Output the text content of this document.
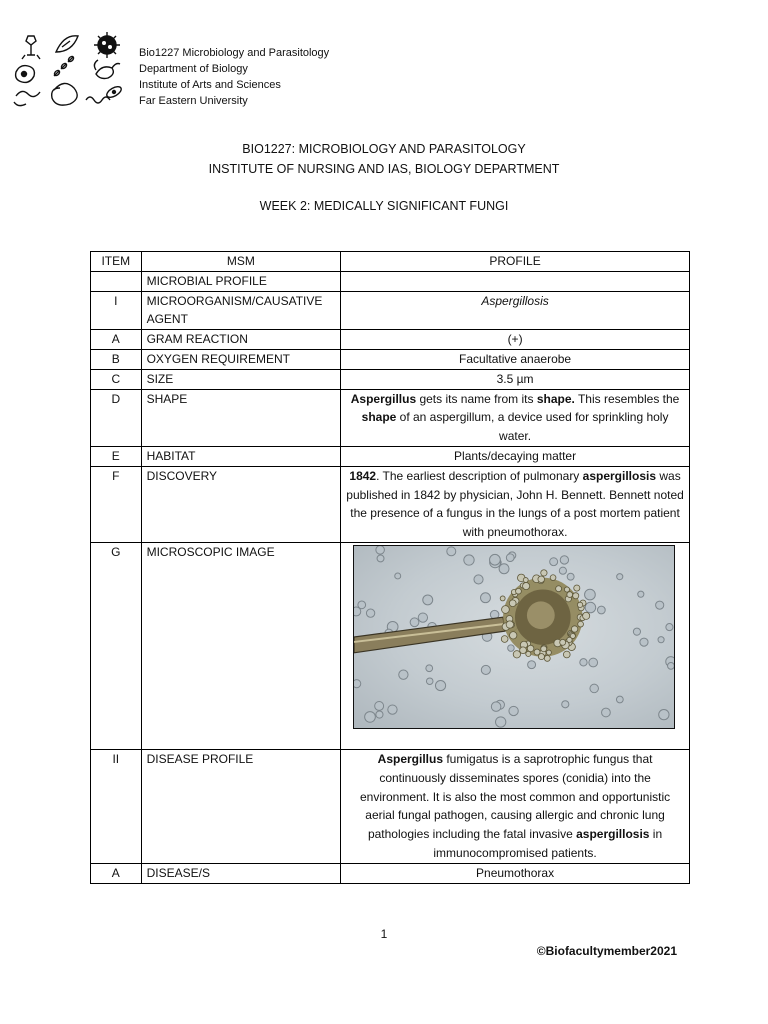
Bio1227 Microbiology and Parasitology
Department of Biology
Institute of Arts and Sciences
Far Eastern University
BIO1227: MICROBIOLOGY AND PARASITOLOGY
INSTITUTE OF NURSING AND IAS, BIOLOGY DEPARTMENT
WEEK 2: MEDICALLY SIGNIFICANT FUNGI
ITEM	MSM	PROFILE
	MICROBIAL PROFILE	
I	MICROORGANISM/CAUSATIVE AGENT	Aspergillosis
A	GRAM REACTION	(+)
B	OXYGEN REQUIREMENT	Facultative anaerobe
C	SIZE	3.5 µm
D	SHAPE	Aspergillus gets its name from its shape. This resembles the shape of an aspergillum, a device used for sprinkling holy water.
E	HABITAT	Plants/decaying matter
F	DISCOVERY	1842. The earliest description of pulmonary aspergillosis was published in 1842 by physician, John H. Bennett. Bennett noted the presence of a fungus in the lungs of a post mortem patient with pneumothorax.
G	MICROSCOPIC IMAGE	

II	DISEASE PROFILE	Aspergillus fumigatus is a saprotrophic fungus that continuously disseminates spores (conidia) into the environment. It is also the most common and opportunistic aerial fungal pathogen, causing allergic and chronic lung pathologies including the fatal invasive aspergillosis in immunocompromised patients.
A	DISEASE/S	Pneumothorax
1
©Biofacultymember2021
